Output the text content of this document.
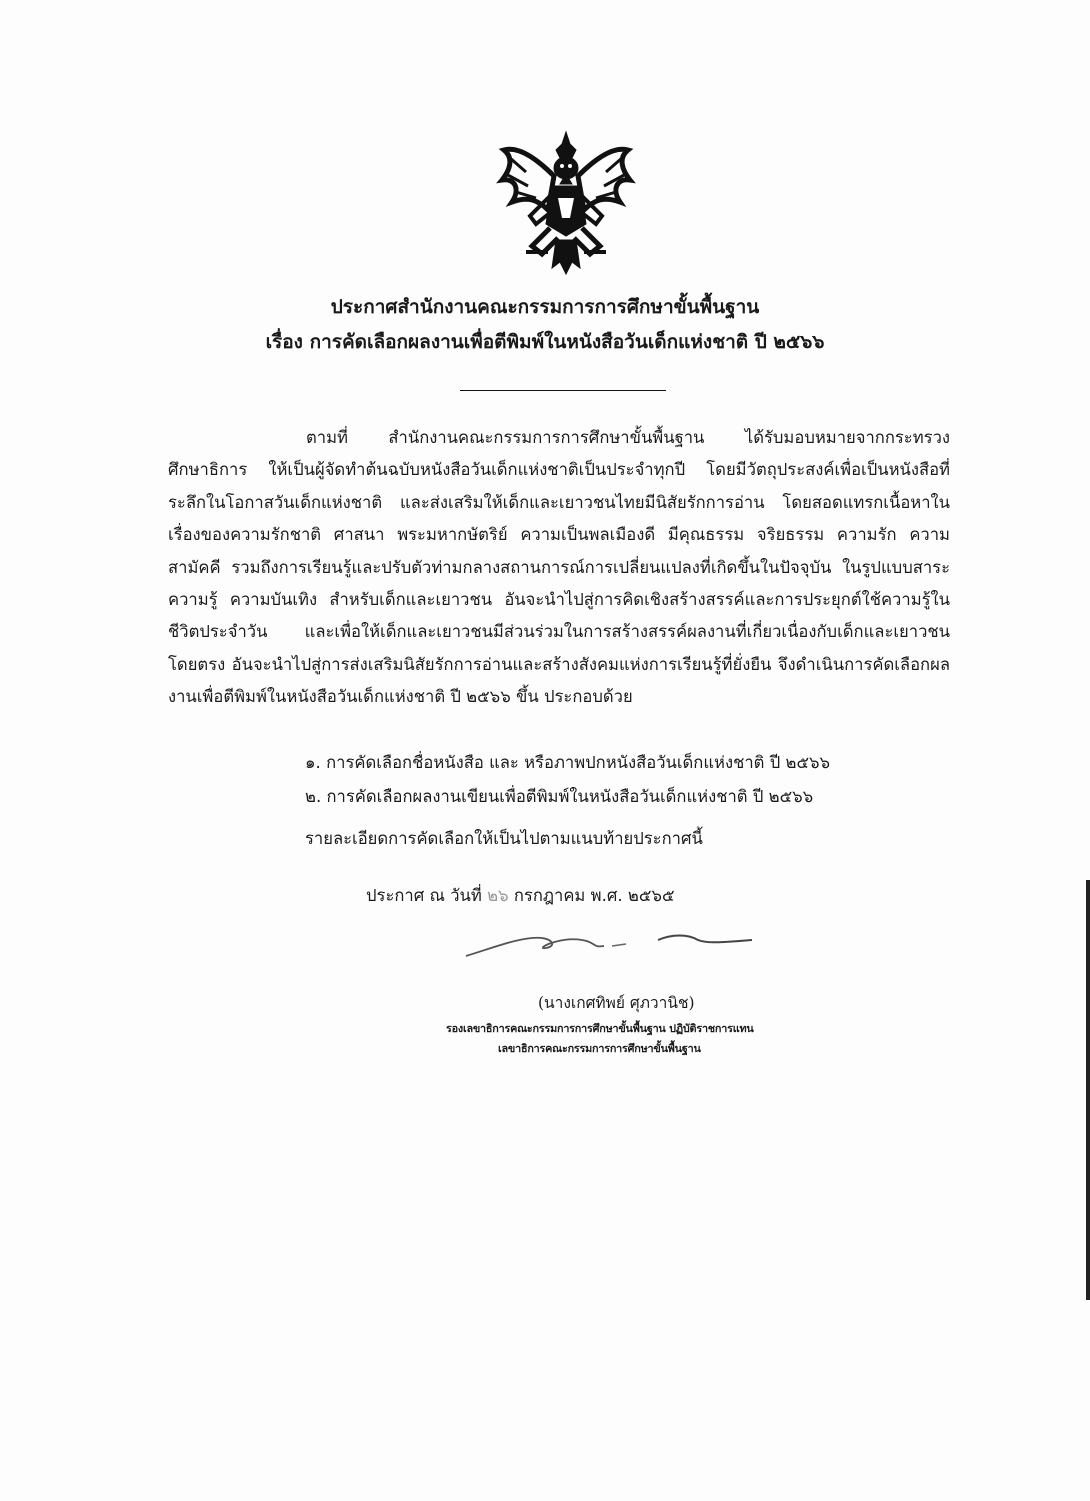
ประกาศสำนักงานคณะกรรมการการศึกษาขั้นพื้นฐาน
เรื่อง การคัดเลือกผลงานเพื่อตีพิมพ์ในหนังสือวันเด็กแห่งชาติ ปี ๒๕๖๖
ตามที่ สำนักงานคณะกรรมการการศึกษาขั้นพื้นฐาน ได้รับมอบหมายจากกระทรวงศึกษาธิการ ให้เป็นผู้จัดทำต้นฉบับหนังสือวันเด็กแห่งชาติเป็นประจำทุกปี โดยมีวัตถุประสงค์เพื่อเป็นหนังสือที่ระลึกในโอกาสวันเด็กแห่งชาติ และส่งเสริมให้เด็กและเยาวชนไทยมีนิสัยรักการอ่าน โดยสอดแทรกเนื้อหาในเรื่องของความรักชาติ ศาสนา พระมหากษัตริย์ ความเป็นพลเมืองดี มีคุณธรรม จริยธรรม ความรัก ความสามัคคี รวมถึงการเรียนรู้และปรับตัวท่ามกลางสถานการณ์การเปลี่ยนแปลงที่เกิดขึ้นในปัจจุบัน ในรูปแบบสาระความรู้ ความบันเทิง สำหรับเด็กและเยาวชน อันจะนำไปสู่การคิดเชิงสร้างสรรค์และการประยุกต์ใช้ความรู้ในชีวิตประจำวัน และเพื่อให้เด็กและเยาวชนมีส่วนร่วมในการสร้างสรรค์ผลงานที่เกี่ยวเนื่องกับเด็กและเยาวชนโดยตรง อันจะนำไปสู่การส่งเสริมนิสัยรักการอ่านและสร้างสังคมแห่งการเรียนรู้ที่ยั่งยืน จึงดำเนินการคัดเลือกผลงานเพื่อตีพิมพ์ในหนังสือวันเด็กแห่งชาติ ปี ๒๕๖๖ ขึ้น ประกอบด้วย
๑. การคัดเลือกชื่อหนังสือ และ หรือภาพปกหนังสือวันเด็กแห่งชาติ ปี ๒๕๖๖
๒. การคัดเลือกผลงานเขียนเพื่อตีพิมพ์ในหนังสือวันเด็กแห่งชาติ ปี ๒๕๖๖
รายละเอียดการคัดเลือกให้เป็นไปตามแนบท้ายประกาศนี้
ประกาศ ณ วันที่ ๒๖ กรกฎาคม พ.ศ. ๒๕๖๕
(นางเกศทิพย์ ศุภวานิช)
รองเลขาธิการคณะกรรมการการศึกษาขั้นพื้นฐาน ปฏิบัติราชการแทน
เลขาธิการคณะกรรมการการศึกษาขั้นพื้นฐาน
